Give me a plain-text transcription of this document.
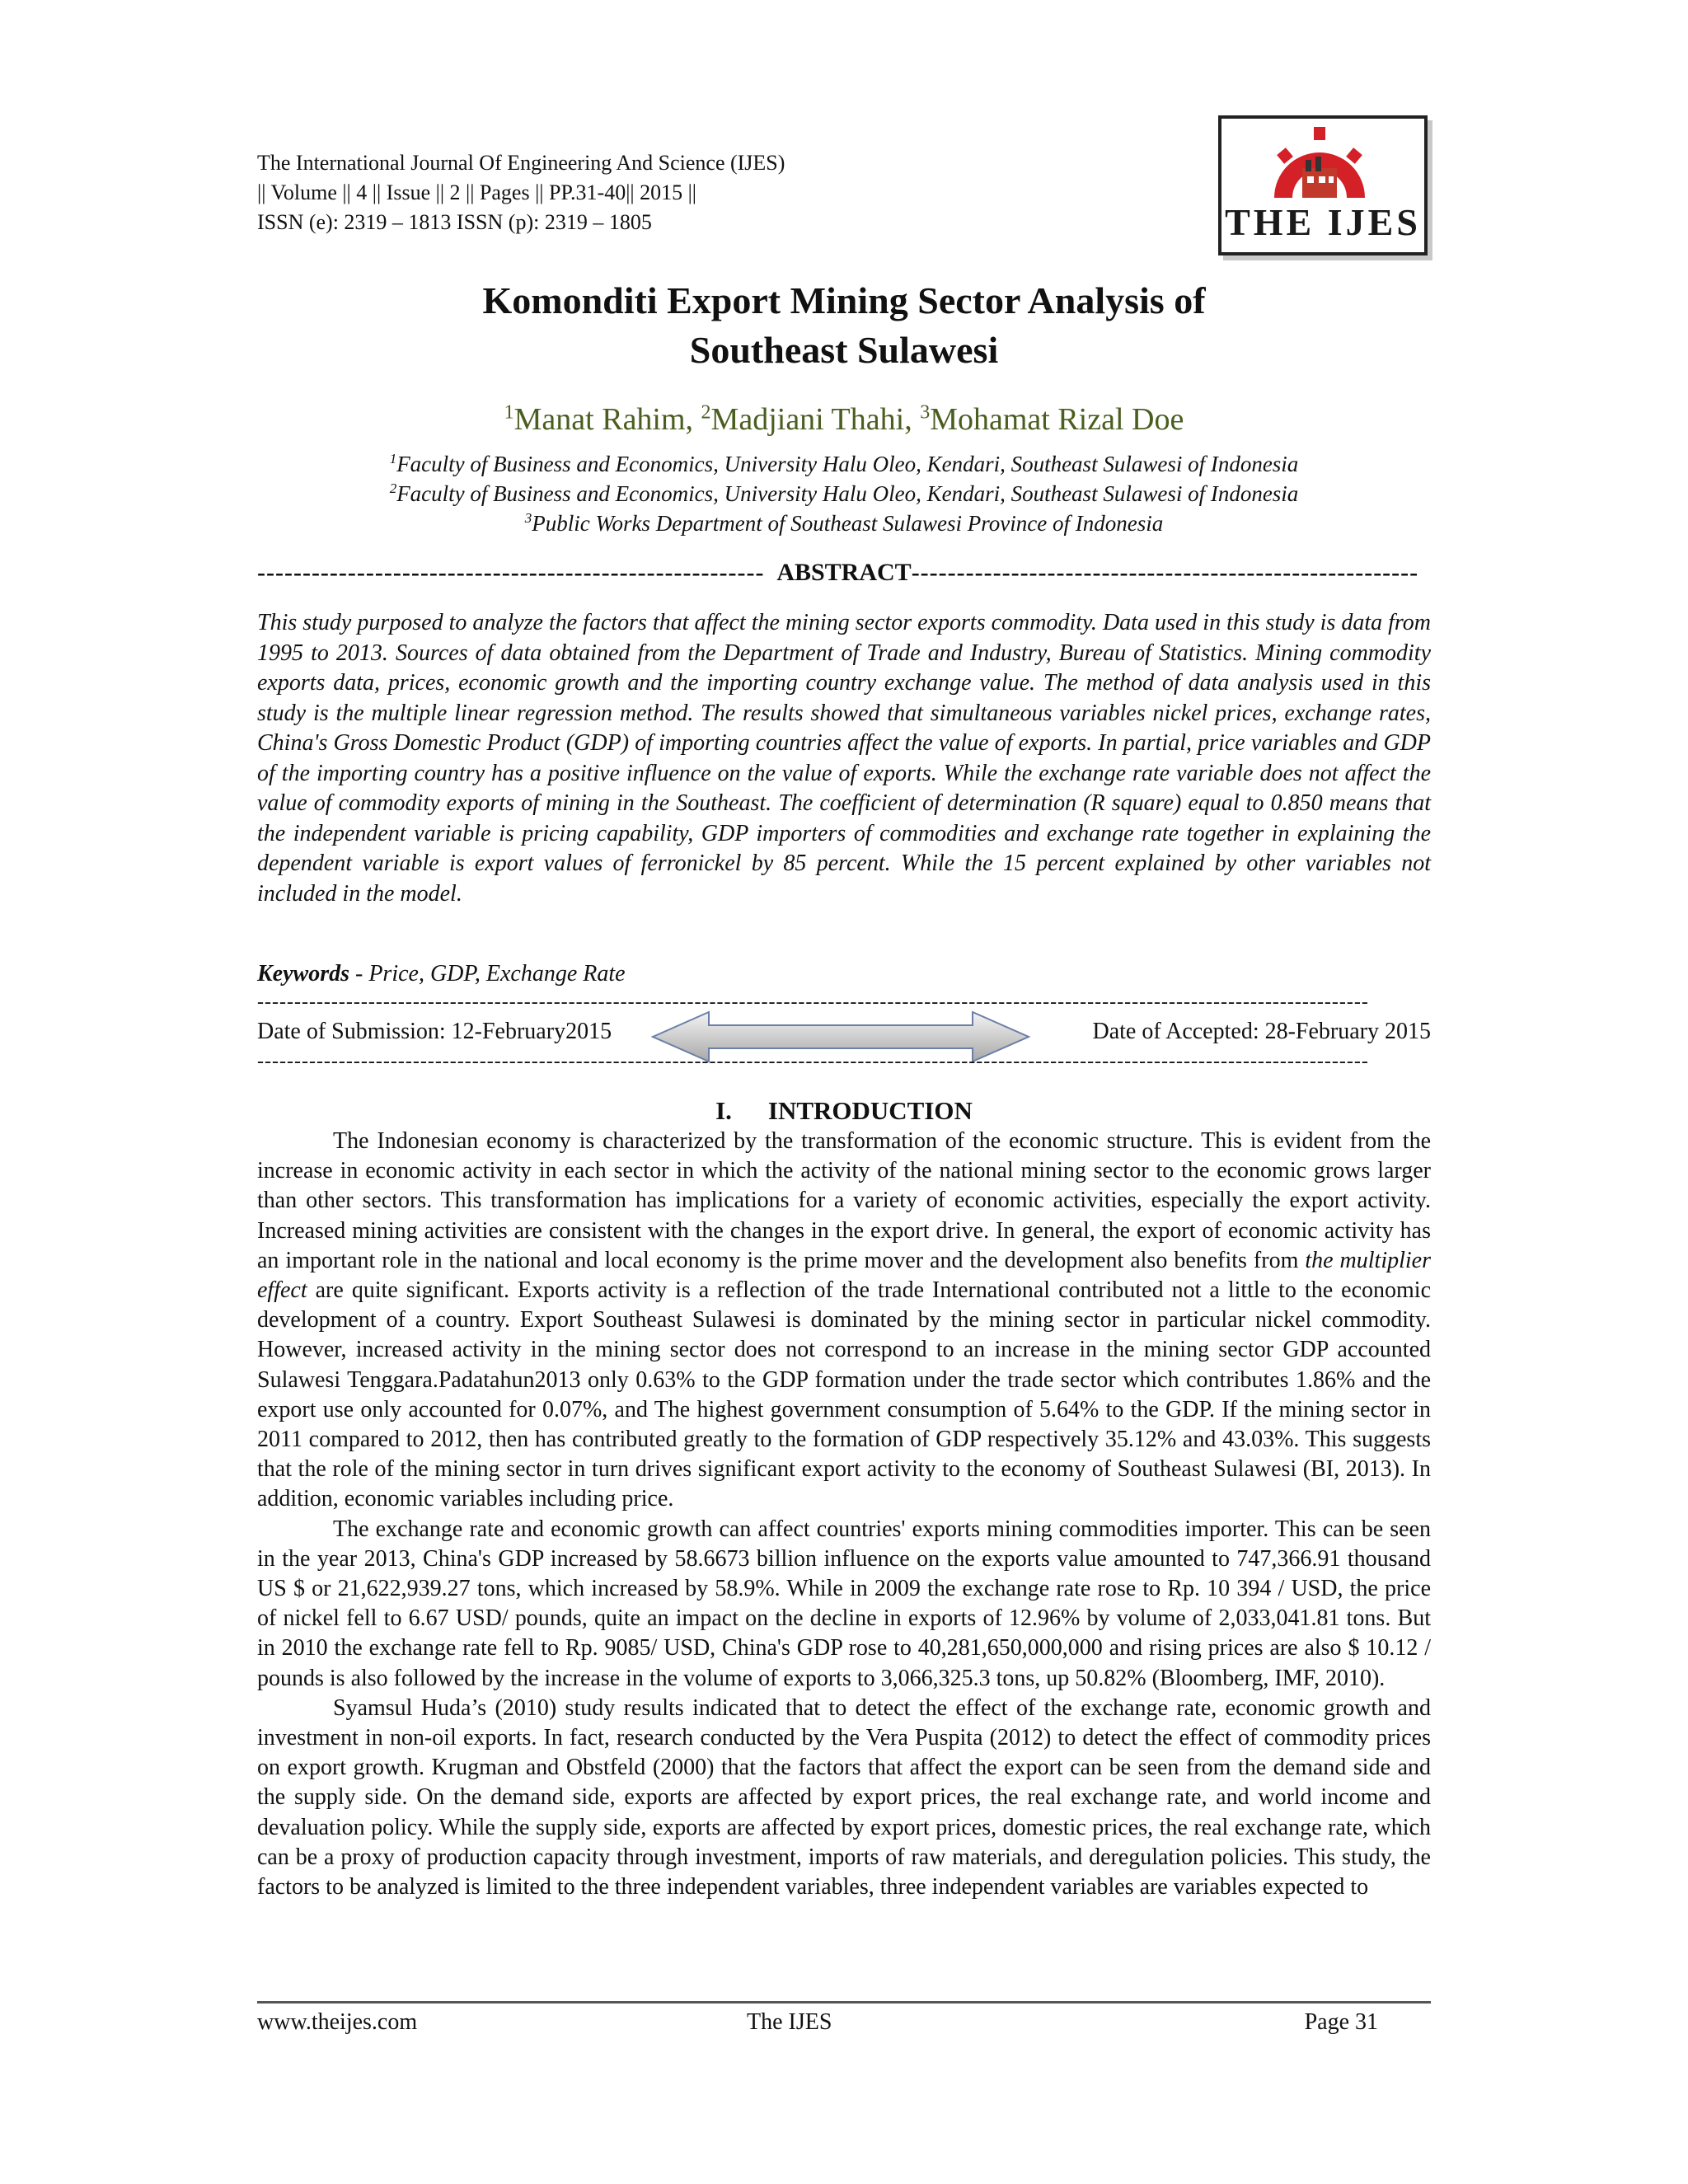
The International Journal Of Engineering And Science (IJES)
|| Volume || 4 || Issue || 2 || Pages || PP.31-40|| 2015 ||
ISSN (e): 2319 – 1813 ISSN (p): 2319 – 1805	THE IJES
Komonditi Export Mining Sector Analysis of
Southeast Sulawesi
$^1$Manat Rahim, $^2$Madjiani Thahi, $^3$Mohamat Rizal Doe
$^1$Faculty of Business and Economics, University Halu Oleo, Kendari, Southeast Sulawesi of Indonesia
$^2$Faculty of Business and Economics, University Halu Oleo, Kendari, Southeast Sulawesi of Indonesia
$^3$Public Works Department of Southeast Sulawesi Province of Indonesia
-------------------------------------------------------- ABSTRACT --------------------------------------------------------
This study purposed to analyze the factors that affect the mining sector exports commodity. Data used in this study is data from 1995 to 2013. Sources of data obtained from the Department of Trade and Industry, Bureau of Statistics. Mining commodity exports data, prices, economic growth and the importing country exchange value. The method of data analysis used in this study is the multiple linear regression method. The results showed that simultaneous variables nickel prices, exchange rates, China's Gross Domestic Product (GDP) of importing countries affect the value of exports. In partial, price variables and GDP of the importing country has a positive influence on the value of exports. While the exchange rate variable does not affect the value of commodity exports of mining in the Southeast. The coefficient of determination (R square) equal to 0.850 means that the independent variable is pricing capability, GDP importers of commodities and exchange rate together in explaining the dependent variable is export values of ferronickel by 85 percent. While the 15 percent explained by other variables not included in the model.
Keywords - Price, GDP, Exchange Rate
------------------------------------------------------------------------------------------------------------------------------------------------------
Date of Submission: 12-February2015	Date of Accepted: 28-February 2015
------------------------------------------------------------------------------------------------------------------------------------------------------
I. INTRODUCTION

The Indonesian economy is characterized by the transformation of the economic structure. This is evident from the increase in economic activity in each sector in which the activity of the national mining sector to the economic grows larger than other sectors. This transformation has implications for a variety of economic activities, especially the export activity. Increased mining activities are consistent with the changes in the export drive. In general, the export of economic activity has an important role in the national and local economy is the prime mover and the development also benefits from the multiplier effect are quite significant. Exports activity is a reflection of the trade International contributed not a little to the economic development of a country. Export Southeast Sulawesi is dominated by the mining sector in particular nickel commodity. However, increased activity in the mining sector does not correspond to an increase in the mining sector GDP accounted Sulawesi Tenggara.Padatahun2013 only 0.63% to the GDP formation under the trade sector which contributes 1.86% and the export use only accounted for 0.07%, and The highest government consumption of 5.64% to the GDP. If the mining sector in 2011 compared to 2012, then has contributed greatly to the formation of GDP respectively 35.12% and 43.03%. This suggests that the role of the mining sector in turn drives significant export activity to the economy of Southeast Sulawesi (BI, 2013). In addition, economic variables including price.

The exchange rate and economic growth can affect countries' exports mining commodities importer. This can be seen in the year 2013, China's GDP increased by 58.6673 billion influence on the exports value amounted to 747,366.91 thousand US $ or 21,622,939.27 tons, which increased by 58.9%. While in 2009 the exchange rate rose to Rp. 10 394 / USD, the price of nickel fell to 6.67 USD/ pounds, quite an impact on the decline in exports of 12.96% by volume of 2,033,041.81 tons. But in 2010 the exchange rate fell to Rp. 9085/ USD, China's GDP rose to 40,281,650,000,000 and rising prices are also $ 10.12 / pounds is also followed by the increase in the volume of exports to 3,066,325.3 tons, up 50.82% (Bloomberg, IMF, 2010).

Syamsul Huda’s (2010) study results indicated that to detect the effect of the exchange rate, economic growth and investment in non-oil exports. In fact, research conducted by the Vera Puspita (2012) to detect the effect of commodity prices on export growth. Krugman and Obstfeld (2000) that the factors that affect the export can be seen from the demand side and the supply side. On the demand side, exports are affected by export prices, the real exchange rate, and world income and devaluation policy. While the supply side, exports are affected by export prices, domestic prices, the real exchange rate, which can be a proxy of production capacity through investment, imports of raw materials, and deregulation policies. This study, the factors to be analyzed is limited to the three independent variables, three independent variables are variables expected to

www.theijes.com	The IJES	Page 31
